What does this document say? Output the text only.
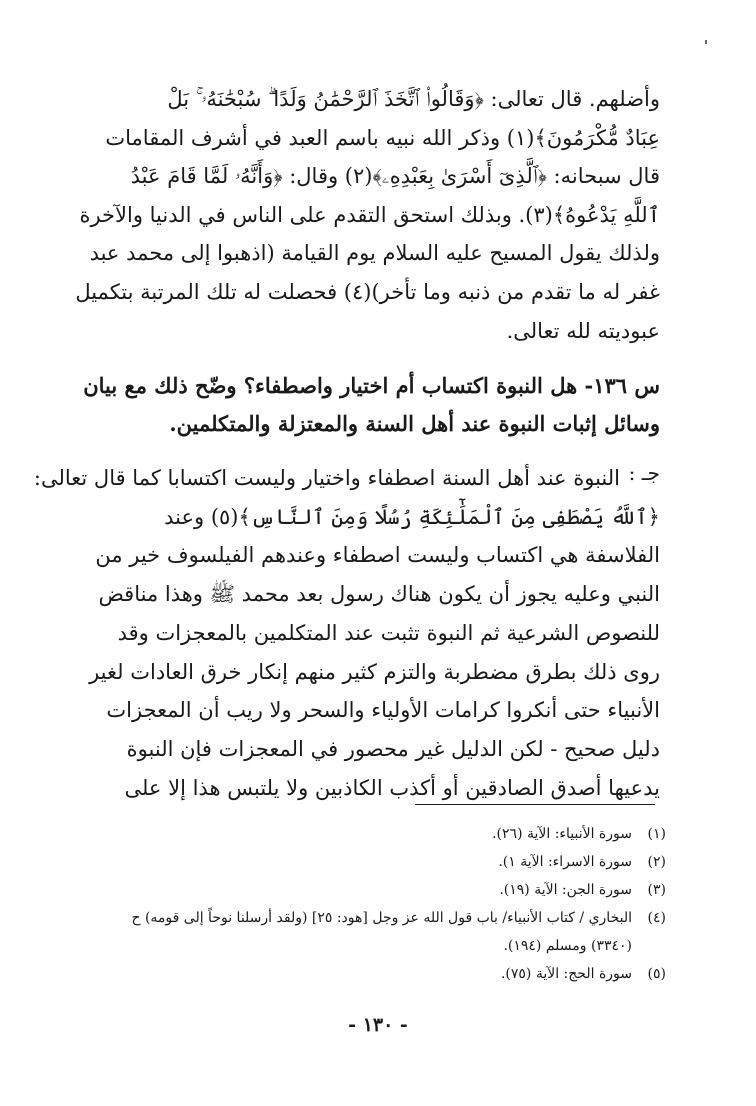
وأضلهم. قال تعالى: ﴿وَقَالُوا۟ ٱتَّخَذَ ٱلرَّحْمَٰنُ وَلَدًا ۗ سُبْحَٰنَهُۥ ۚ بَلْ
عِبَادٌ مُّكْرَمُونَ﴾(١) وذكر الله نبيه باسم العبد في أشرف المقامات
قال سبحانه: ﴿ٱلَّذِىٓ أَسْرَىٰ بِعَبْدِهِۦ﴾(٢) وقال: ﴿وَأَنَّهُۥ لَمَّا قَامَ عَبْدُ
ٱللَّهِ يَدْعُوهُ﴾(٣). وبذلك استحق التقدم على الناس في الدنيا والآخرة
ولذلك يقول المسيح عليه السلام يوم القيامة (اذهبوا إلى محمد عبد
غفر له ما تقدم من ذنبه وما تأخر)(٤) فحصلت له تلك المرتبة بتكميل
عبوديته لله تعالى.
س ١٣٦- هل النبوة اكتساب أم اختيار واصطفاء؟ وضّح ذلك مع بيان
وسائل إثبات النبوة عند أهل السنة والمعتزلة والمتكلمين.
جـ :
النبوة عند أهل السنة اصطفاء واختيار وليست اكتسابا كما قال تعالى:
﴿ٱللَّهُ يَصْطَفِى مِنَ ٱلْمَلَٰٓئِكَةِ رُسُلًا وَمِنَ ٱلنَّاسِ﴾(٥) وعند
الفلاسفة هي اكتساب وليست اصطفاء وعندهم الفيلسوف خير من
النبي وعليه يجوز أن يكون هناك رسول بعد محمد ﷺ وهذا مناقض
للنصوص الشرعية ثم النبوة تثبت عند المتكلمين بالمعجزات وقد
روى ذلك بطرق مضطربة والتزم كثير منهم إنكار خرق العادات لغير
الأنبياء حتى أنكروا كرامات الأولياء والسحر ولا ريب أن المعجزات
دليل صحيح - لكن الدليل غير محصور في المعجزات فإن النبوة
يدعيها أصدق الصادقين أو أكذب الكاذبين ولا يلتبس هذا إلا على
(١)سورة الأنبياء: الآية (٢٦).
(٢)سورة الاسراء: الآية ١).
(٣)سورة الجن: الآية (١٩).
(٤)البخاري / كتاب الأنبياء/ باب قول الله عز وجل [هود: ٢٥] (ولقد أرسلنا نوحاً إلى قومه) ح
(٣٣٤٠) ومسلم (١٩٤).
(٥)سورة الحج: الآية (٧٥).
- ١٣٠ -
